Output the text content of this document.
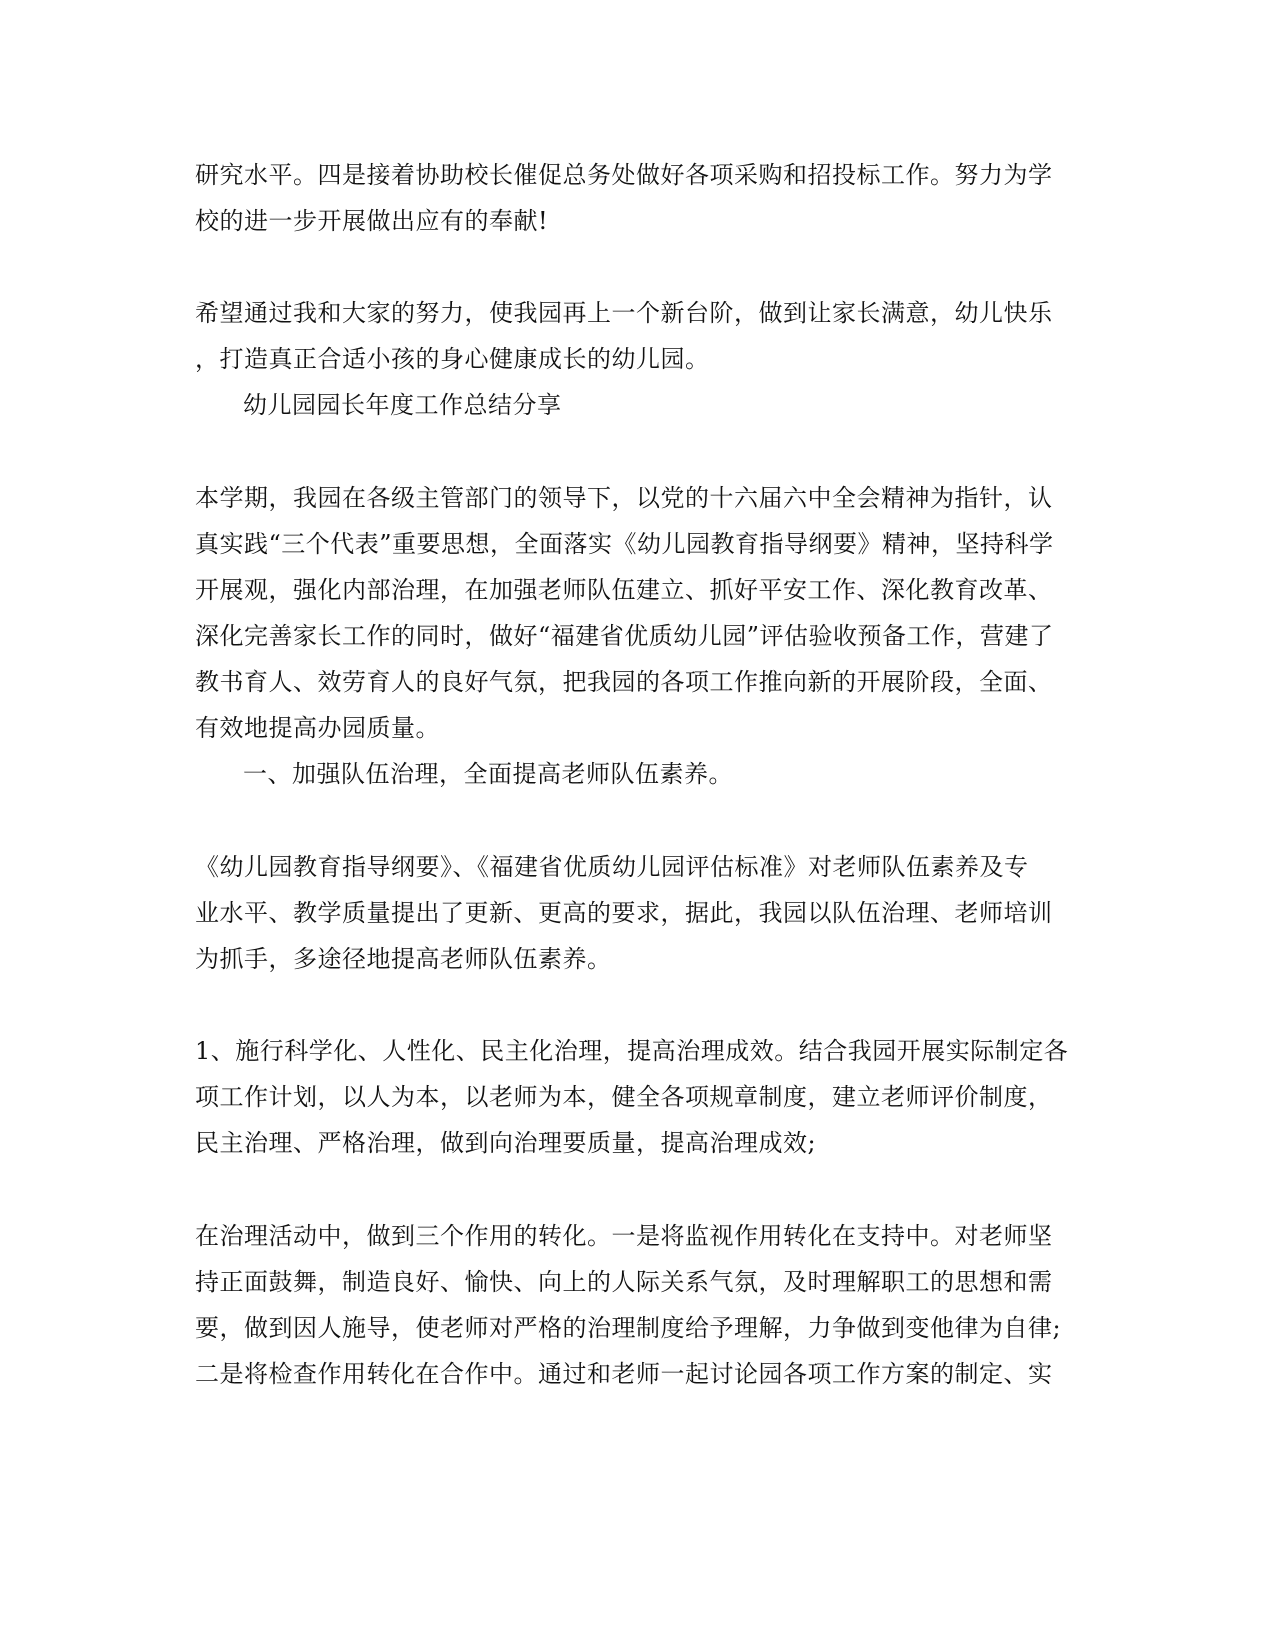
研究水平。四是接着协助校长催促总务处做好各项采购和招投标工作。努力为学
校的进一步开展做出应有的奉献!
希望通过我和大家的努力，使我园再上一个新台阶，做到让家长满意，幼儿快乐
，打造真正合适小孩的身心健康成长的幼儿园。
幼儿园园长年度工作总结分享
本学期，我园在各级主管部门的领导下，以党的十六届六中全会精神为指针，认
真实践“三个代表”重要思想，全面落实《幼儿园教育指导纲要》精神，坚持科学
开展观，强化内部治理，在加强老师队伍建立、抓好平安工作、深化教育改革、
深化完善家长工作的同时，做好“福建省优质幼儿园”评估验收预备工作，营建了
教书育人、效劳育人的良好气氛，把我园的各项工作推向新的开展阶段，全面、
有效地提高办园质量。
一、加强队伍治理，全面提高老师队伍素养。
《幼儿园教育指导纲要》、《福建省优质幼儿园评估标准》对老师队伍素养及专
业水平、教学质量提出了更新、更高的要求，据此，我园以队伍治理、老师培训
为抓手，多途径地提高老师队伍素养。
1、施行科学化、人性化、民主化治理，提高治理成效。结合我园开展实际制定各
项工作计划，以人为本，以老师为本，健全各项规章制度，建立老师评价制度，
民主治理、严格治理，做到向治理要质量，提高治理成效;
在治理活动中，做到三个作用的转化。一是将监视作用转化在支持中。对老师坚
持正面鼓舞，制造良好、愉快、向上的人际关系气氛，及时理解职工的思想和需
要，做到因人施导，使老师对严格的治理制度给予理解，力争做到变他律为自律;
二是将检查作用转化在合作中。通过和老师一起讨论园各项工作方案的制定、实
